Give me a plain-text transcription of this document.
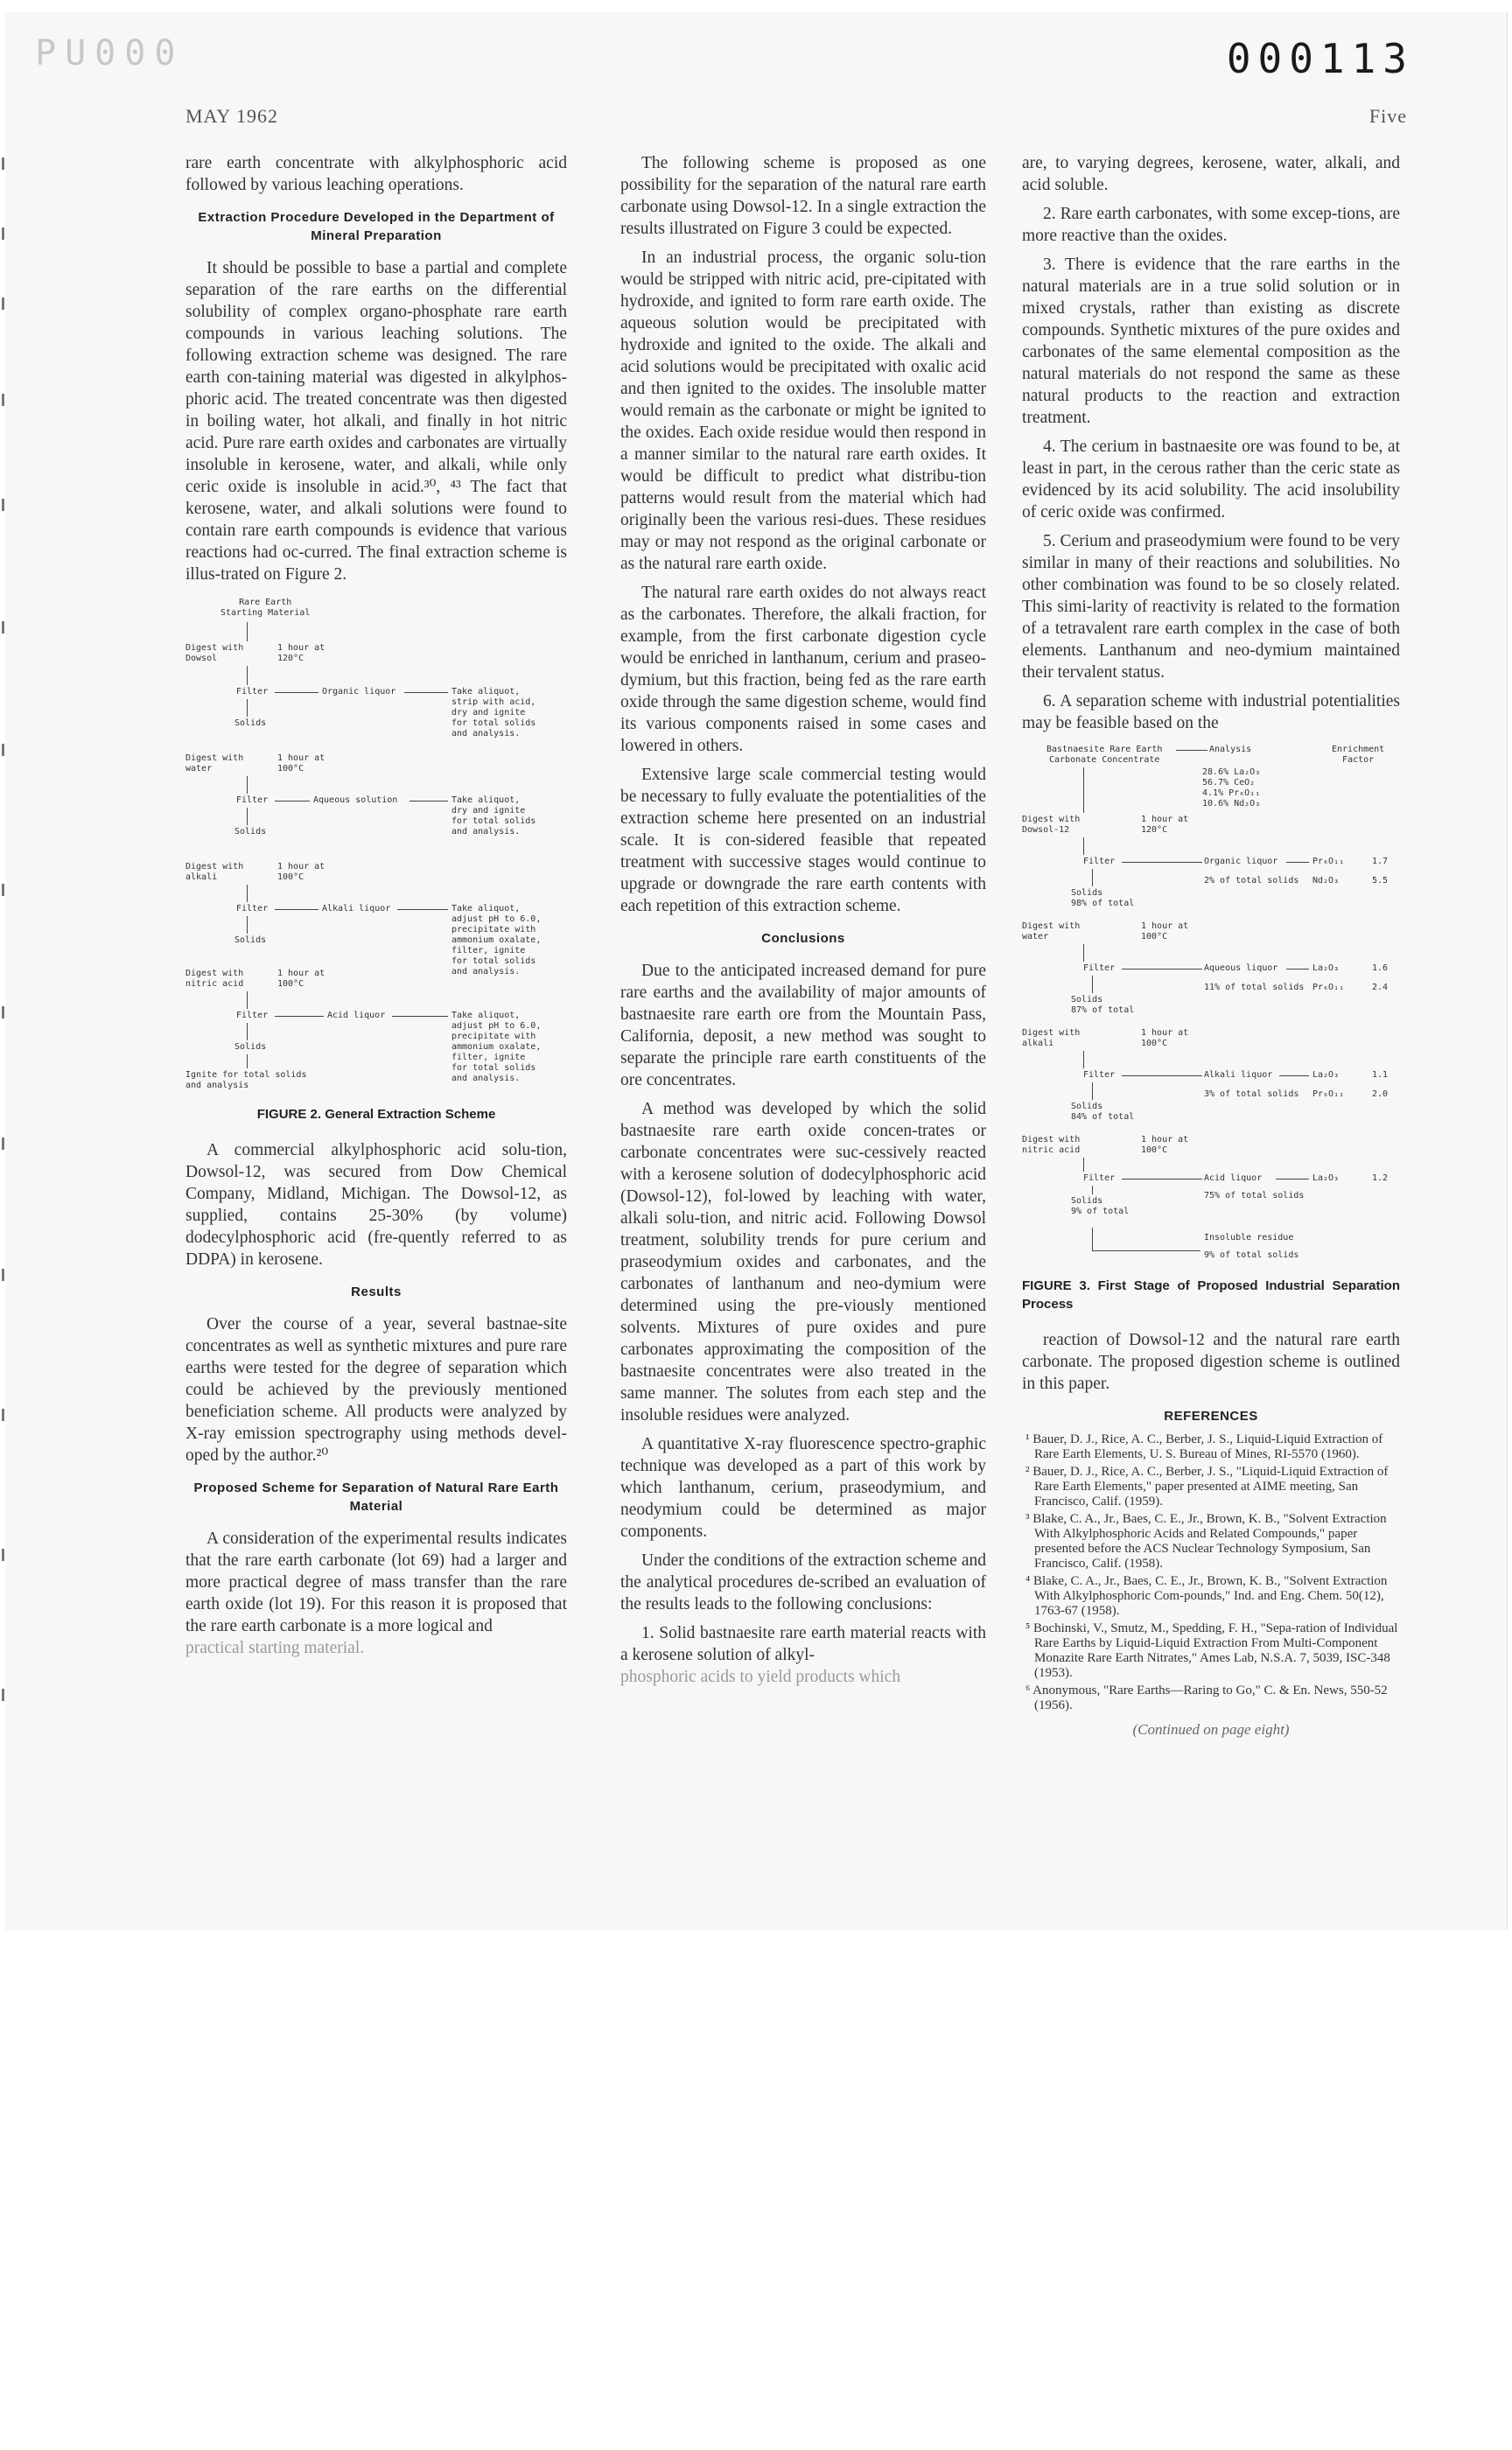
PU000	000113
MAY 1962	Five

rare earth concentrate with alkylphosphoric acid followed by various leaching operations.

Extraction Procedure Developed in the Department of Mineral Preparation

It should be possible to base a partial and complete separation of the rare earths on the differential solubility of complex organo-phosphate rare earth compounds in various leaching solutions. The following extraction scheme was designed. The rare earth con-taining material was digested in alkylphos-phoric acid. The treated concentrate was then digested in boiling water, hot alkali, and finally in hot nitric acid. Pure rare earth oxides and carbonates are virtually insoluble in kerosene, water, and alkali, while only ceric oxide is insoluble in acid.³⁰, ⁴³ The fact that kerosene, water, and alkali solutions were found to contain rare earth compounds is evidence that various reactions had oc-curred. The final extraction scheme is illus-trated on Figure 2.

Rare Earth
Starting Material
Digest with
Dowsol
1 hour at
120°C
Filter	Organic liquor	Take aliquot,
strip with acid,
dry and ignite
for total solids
and analysis.
Solids
Digest with
water
1 hour at
100°C
Filter	Aqueous solution	Take aliquot,
dry and ignite
for total solids
and analysis.
Solids
Digest with
alkali
1 hour at
100°C
Filter	Alkali liquor	Take aliquot,
adjust pH to 6.0,
precipitate with
ammonium oxalate,
filter, ignite
for total solids
and analysis.
Solids
Digest with
nitric acid
1 hour at
100°C
Filter	Acid liquor	Take aliquot,
adjust pH to 6.0,
precipitate with
ammonium oxalate,
filter, ignite
for total solids
and analysis.
Solids
Ignite for total solids
and analysis
FIGURE 2. General Extraction Scheme

A commercial alkylphosphoric acid solu-tion, Dowsol-12, was secured from Dow Chemical Company, Midland, Michigan. The Dowsol-12, as supplied, contains 25-30% (by volume) dodecylphosphoric acid (fre-quently referred to as DDPA) in kerosene.

Results

Over the course of a year, several bastnae-site concentrates as well as synthetic mixtures and pure rare earths were tested for the degree of separation which could be achieved by the previously mentioned beneficiation scheme. All products were analyzed by X-ray emission spectrography using methods devel-oped by the author.²⁰

Proposed Scheme for Separation of Natural Rare Earth Material

A consideration of the experimental results indicates that the rare earth carbonate (lot 69) had a larger and more practical degree of mass transfer than the rare earth oxide (lot 19). For this reason it is proposed that the rare earth carbonate is a more logical and

practical starting material.

The following scheme is proposed as one possibility for the separation of the natural rare earth carbonate using Dowsol-12. In a single extraction the results illustrated on Figure 3 could be expected.

In an industrial process, the organic solu-tion would be stripped with nitric acid, pre-cipitated with hydroxide, and ignited to form rare earth oxide. The aqueous solution would be precipitated with hydroxide and ignited to the oxide. The alkali and acid solutions would be precipitated with oxalic acid and then ignited to the oxides. The insoluble matter would remain as the carbonate or might be ignited to the oxides. Each oxide residue would then respond in a manner similar to the natural rare earth oxides. It would be difficult to predict what distribu-tion patterns would result from the material which had originally been the various resi-dues. These residues may or may not respond as the original carbonate or as the natural rare earth oxide.

The natural rare earth oxides do not always react as the carbonates. Therefore, the alkali fraction, for example, from the first carbonate digestion cycle would be enriched in lanthanum, cerium and praseo-dymium, but this fraction, being fed as the rare earth oxide through the same digestion scheme, would find its various components raised in some cases and lowered in others.

Extensive large scale commercial testing would be necessary to fully evaluate the potentialities of the extraction scheme here presented on an industrial scale. It is con-sidered feasible that repeated treatment with successive stages would continue to upgrade or downgrade the rare earth contents with each repetition of this extraction scheme.

Conclusions

Due to the anticipated increased demand for pure rare earths and the availability of major amounts of bastnaesite rare earth ore from the Mountain Pass, California, deposit, a new method was sought to separate the principle rare earth constituents of the ore concentrates.

A method was developed by which the solid bastnaesite rare earth oxide concen-trates or carbonate concentrates were suc-cessively reacted with a kerosene solution of dodecylphosphoric acid (Dowsol-12), fol-lowed by leaching with water, alkali solu-tion, and nitric acid. Following Dowsol treatment, solubility trends for pure cerium and praseodymium oxides and carbonates, and the carbonates of lanthanum and neo-dymium were determined using the pre-viously mentioned solvents. Mixtures of pure oxides and pure carbonates approximating the composition of the bastnaesite concentrates were also treated in the same manner. The solutes from each step and the insoluble residues were analyzed.

A quantitative X-ray fluorescence spectro-graphic technique was developed as a part of this work by which lanthanum, cerium, praseodymium, and neodymium could be determined as major components.

Under the conditions of the extraction scheme and the analytical procedures de-scribed an evaluation of the results leads to the following conclusions:

1. Solid bastnaesite rare earth material reacts with a kerosene solution of alkyl-

phosphoric acids to yield products which

are, to varying degrees, kerosene, water, alkali, and acid soluble.

2. Rare earth carbonates, with some excep-tions, are more reactive than the oxides.

3. There is evidence that the rare earths in the natural materials are in a true solid solution or in mixed crystals, rather than existing as discrete compounds. Synthetic mixtures of the pure oxides and carbonates of the same elemental composition as the natural materials do not respond the same as these natural products to the reaction and extraction treatment.

4. The cerium in bastnaesite ore was found to be, at least in part, in the cerous rather than the ceric state as evidenced by its acid solubility. The acid insolubility of ceric oxide was confirmed.

5. Cerium and praseodymium were found to be very similar in many of their reactions and solubilities. No other combination was found to be so closely related. This simi-larity of reactivity is related to the formation of a tetravalent rare earth complex in the case of both elements. Lanthanum and neo-dymium maintained their tervalent status.

6. A separation scheme with industrial potentialities may be feasible based on the

Bastnaesite Rare Earth
Carbonate Concentrate
Analysis	Enrichment
Factor
28.6% La₂O₃
56.7% CeO₂
4.1% Pr₆O₁₁
10.6% Nd₂O₃
Digest with
Dowsol-12
1 hour at
120°C
Filter	Organic liquor	Pr₆O₁₁	1.7
2% of total solids Nd₂O₃	5.5
Solids
98% of total
Digest with
water
1 hour at
100°C
Filter	Aqueous liquor	La₂O₃	1.6
11% of total solids Pr₆O₁₁	2.4
Solids
87% of total
Digest with
alkali
1 hour at
100°C
Filter	Alkali liquor	La₂O₃	1.1
3% of total solids Pr₆O₁₁	2.0
Solids
84% of total
Digest with
nitric acid
1 hour at
100°C
Filter	Acid liquor	La₂O₃	1.2
75% of total solids
Solids
9% of total
Insoluble residue
9% of total solids
FIGURE 3. First Stage of Proposed Industrial Separation Process

reaction of Dowsol-12 and the natural rare earth carbonate. The proposed digestion scheme is outlined in this paper.

REFERENCES
¹ Bauer, D. J., Rice, A. C., Berber, J. S., Liquid-Liquid Extraction of Rare Earth Elements, U. S. Bureau of Mines, RI-5570 (1960).
² Bauer, D. J., Rice, A. C., Berber, J. S., "Liquid-Liquid Extraction of Rare Earth Elements," paper presented at AIME meeting, San Francisco, Calif. (1959).
³ Blake, C. A., Jr., Baes, C. E., Jr., Brown, K. B., "Solvent Extraction With Alkylphosphoric Acids and Related Compounds," paper presented before the ACS Nuclear Technology Symposium, San Francisco, Calif. (1958).
⁴ Blake, C. A., Jr., Baes, C. E., Jr., Brown, K. B., "Solvent Extraction With Alkylphosphoric Com-pounds," Ind. and Eng. Chem. 50(12), 1763-67 (1958).
⁵ Bochinski, V., Smutz, M., Spedding, F. H., "Sepa-ration of Individual Rare Earths by Liquid-Liquid Extraction From Multi-Component Monazite Rare Earth Nitrates," Ames Lab, N.S.A. 7, 5039, ISC-348 (1953).
⁶ Anonymous, "Rare Earths—Raring to Go," C. & En. News, 550-52 (1956).
(Continued on page eight)
